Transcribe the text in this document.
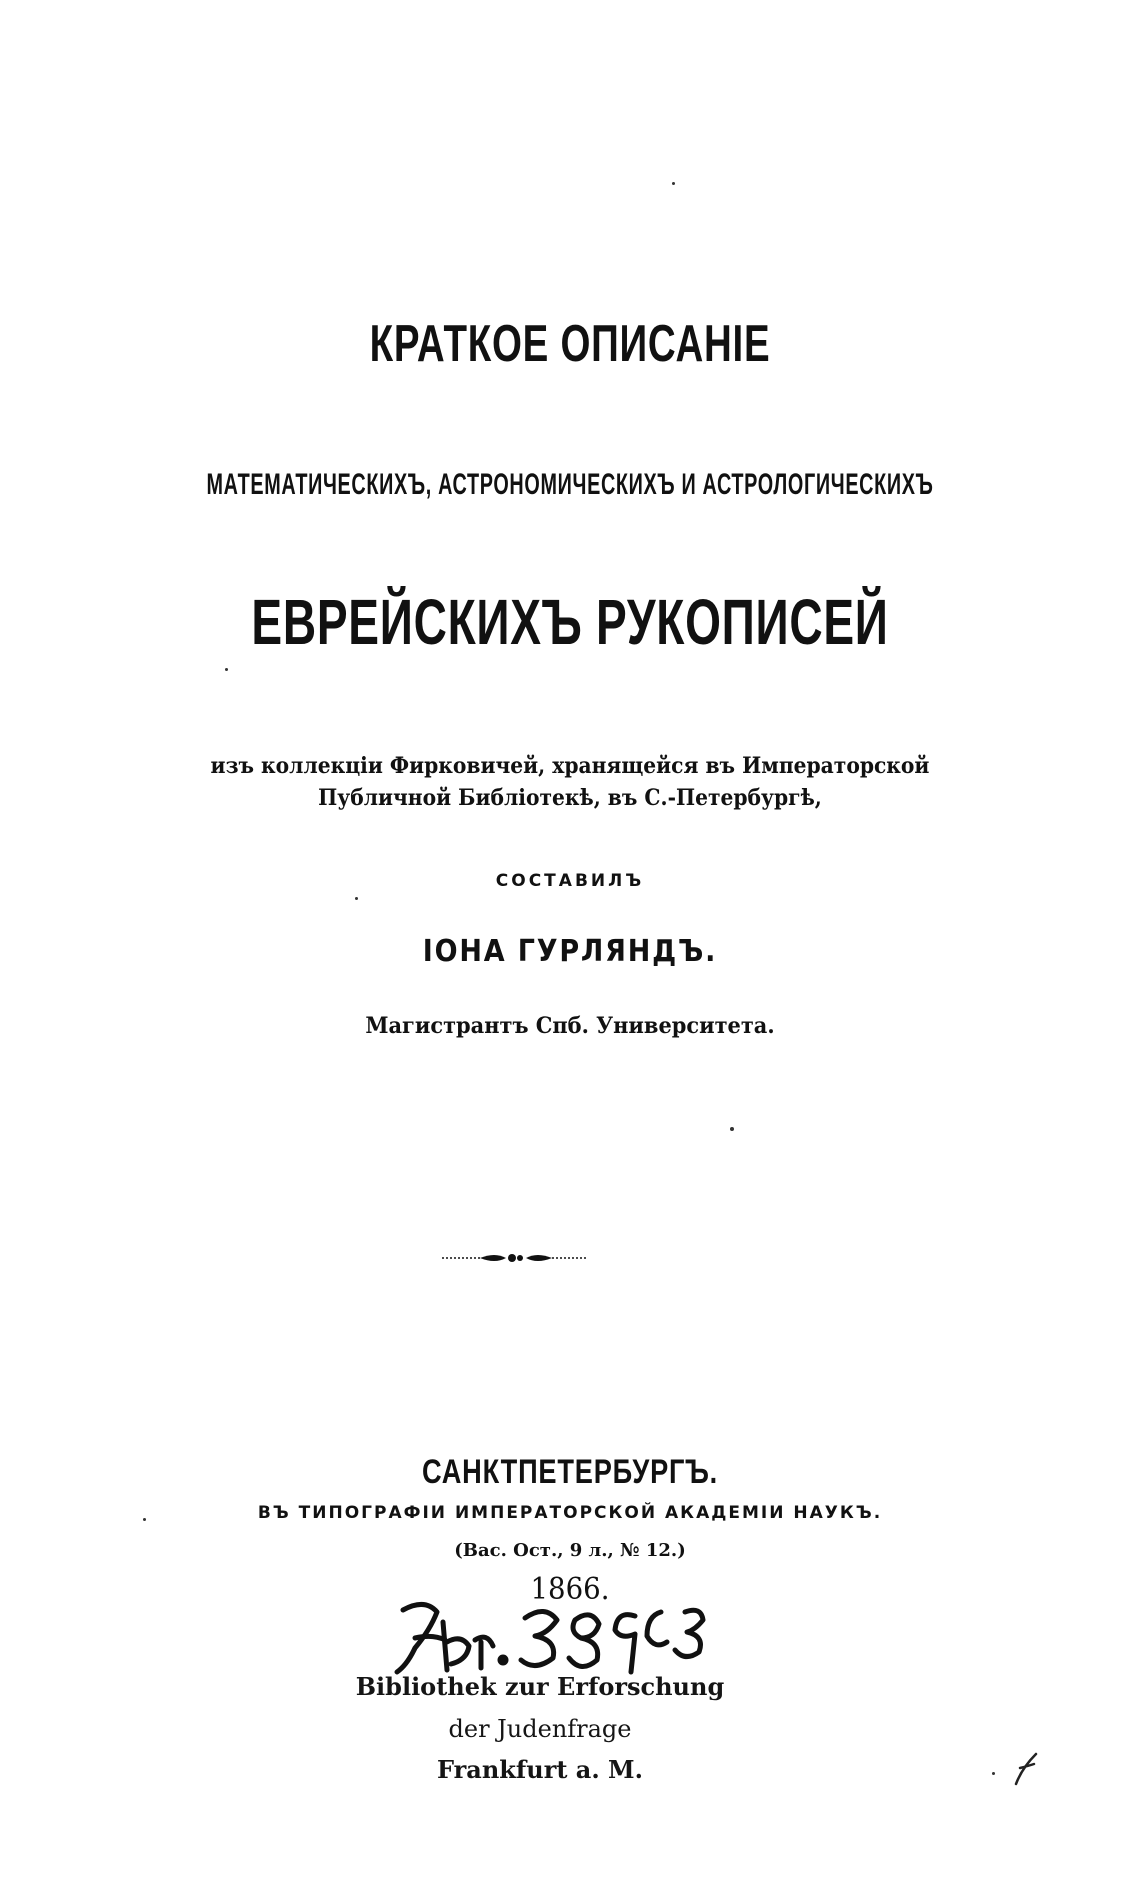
КРАТКОЕ ОПИСАНІЕ
МАТЕМАТИЧЕСКИХЪ, АСТРОНОМИЧЕСКИХЪ И АСТРОЛОГИЧЕСКИХЪ
ЕВРЕЙСКИХЪ РУКОПИСЕЙ
изъ коллекціи Фирковичей, хранящейся въ Императорской
Публичной Библіотекѣ, въ С.-Петербургѣ,
СОСТАВИЛЪ
ІОНА ГУРЛЯНДЪ.
Магистрантъ Спб. Университета.
САНКТПЕТЕРБУРГЪ.
ВЪ ТИПОГРАФІИ ИМПЕРАТОРСКОЙ АКАДЕМІИ НАУКЪ.
(Вас. Ост., 9 л., № 12.)
1866.
Bibliothek zur Erforschung
der Judenfrage
Frankfurt a. M.
